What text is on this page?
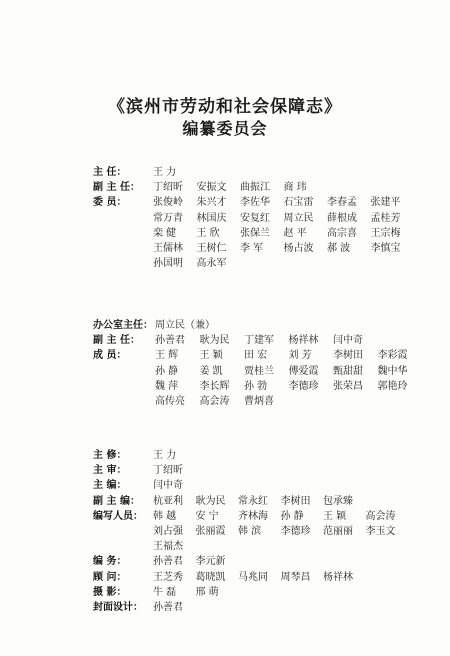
《滨州市劳动和社会保障志》
编纂委员会
主 任：	王 力
副 主 任：	丁绍昕	安振文	曲振江	商 玮
委 员：	张俊岭	朱兴才	李佐华	石宝雷	李春孟	张建平
常万青	林国庆	安复红	周立民	薛根成	孟桂芳
栾 健	王 欣	张保兰	赵 平	高宗喜	王宗梅
王儒林	王树仁	李 军	杨占波	郝 波	李慎宝
孙国明	高永军
办公室主任： 周立民（兼）
副 主 任：	孙善君	耿为民	丁建军	杨祥林	闫中奇
成 员：	王 辉	王 颖	田 宏	刘 芳	李树田	李彩霞
孙 静	姜 凯	贾桂兰	傅爱霞	甄甜甜	魏中华
魏 萍	李长辉	孙 勃	李德珍	张荣昌	郭艳玲
高传亮	高会涛	曹炳喜
主 修：	王 力
主 审：	丁绍昕
主 编：	闫中奇
副 主 编：	杭亚利	耿为民	常永红	李树田	包承臻
编写人员：	韩 越	安 宁	齐林海	孙 静	王 颖	高会涛
刘占强	张丽霞	韩 滨	李德珍	范丽丽	李玉文
王福杰
编 务：	孙善君	李元新
顾 问：	王芝秀	葛晓凯	马兆同	周琴昌	杨祥林
摄 影：	牛 磊	邢 萌
封面设计：	孙善君
